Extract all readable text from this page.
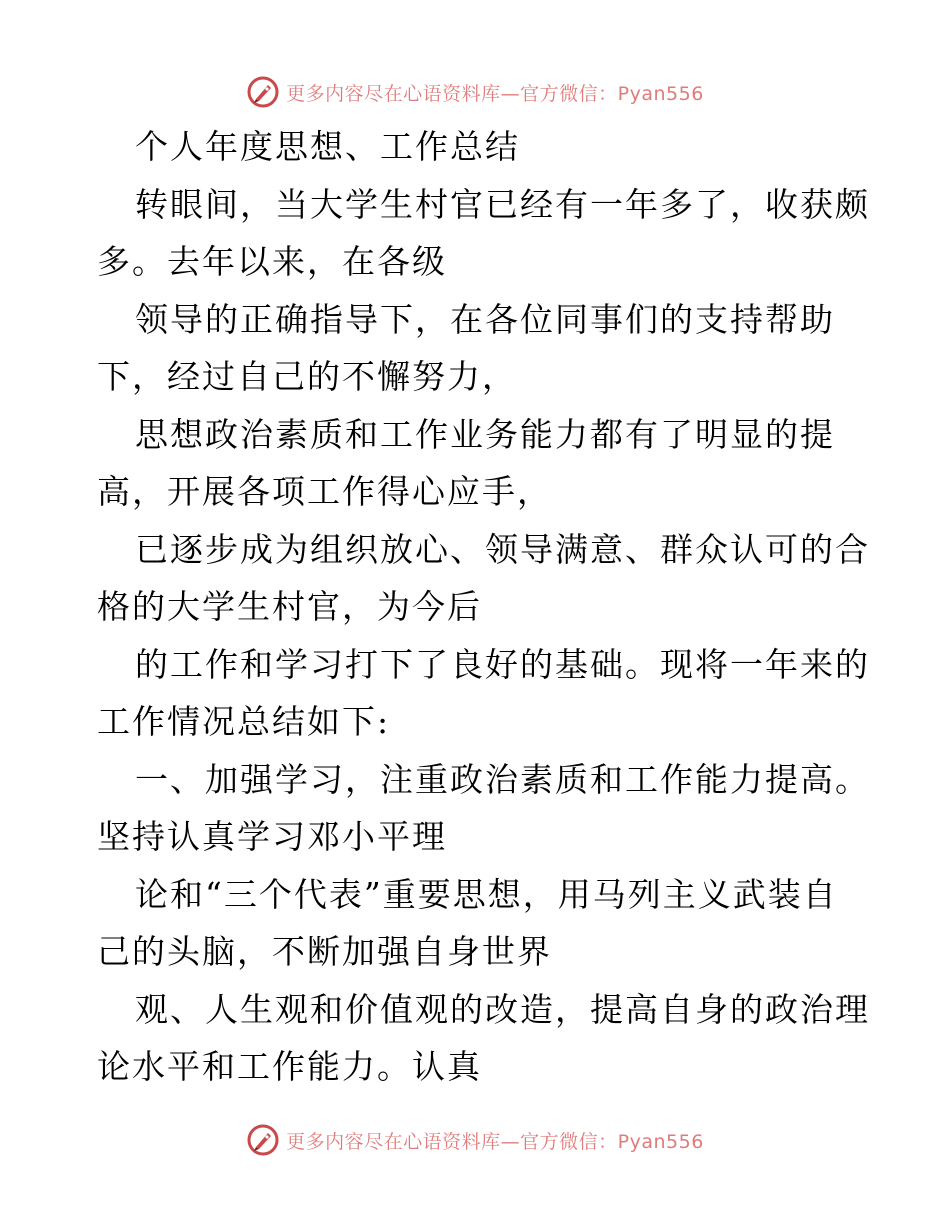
更多内容尽在心语资料库—官方微信：Pyan556
个人年度思想、工作总结
转眼间，当大学生村官已经有一年多了，收获颇
多。去年以来，在各级
领导的正确指导下，在各位同事们的支持帮助
下，经过自己的不懈努力，
思想政治素质和工作业务能力都有了明显的提
高，开展各项工作得心应手，
已逐步成为组织放心、领导满意、群众认可的合
格的大学生村官，为今后
的工作和学习打下了良好的基础。现将一年来的
工作情况总结如下:
一、加强学习，注重政治素质和工作能力提高。
坚持认真学习邓小平理
论和“三个代表”重要思想，用马列主义武装自
己的头脑，不断加强自身世界
观、人生观和价值观的改造，提高自身的政治理
论水平和工作能力。认真
更多内容尽在心语资料库—官方微信：Pyan556
